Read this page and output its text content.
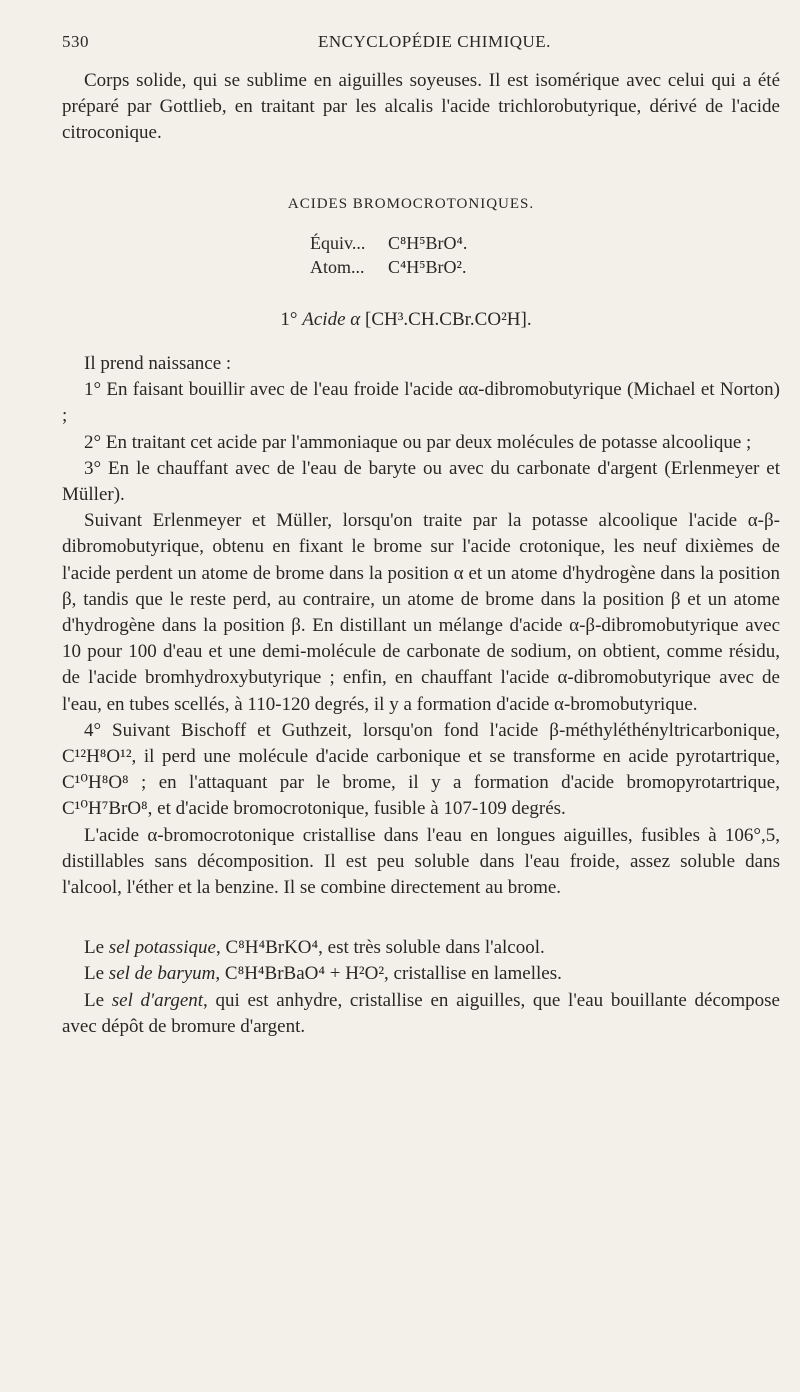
530	ENCYCLOPÉDIE CHIMIQUE.

Corps solide, qui se sublime en aiguilles soyeuses. Il est isomérique avec celui qui a été préparé par Gottlieb, en traitant par les alcalis l'acide trichlorobutyrique, dérivé de l'acide citroconique.

ACIDES BROMOCROTONIQUES.
Équiv...	C⁸H⁵BrO⁴.
Atom...	C⁴H⁵BrO².
1° Acide α [CH³.CH.CBr.CO²H].

Il prend naissance :

1° En faisant bouillir avec de l'eau froide l'acide αα-dibromobutyrique (Michael et Norton) ;

2° En traitant cet acide par l'ammoniaque ou par deux molécules de potasse alcoolique ;

3° En le chauffant avec de l'eau de baryte ou avec du carbonate d'argent (Erlenmeyer et Müller).

Suivant Erlenmeyer et Müller, lorsqu'on traite par la potasse alcoolique l'acide α-β-dibromobutyrique, obtenu en fixant le brome sur l'acide crotonique, les neuf dixièmes de l'acide perdent un atome de brome dans la position α et un atome d'hydrogène dans la position β, tandis que le reste perd, au contraire, un atome de brome dans la position β et un atome d'hydrogène dans la position β. En distillant un mélange d'acide α-β-dibromobutyrique avec 10 pour 100 d'eau et une demi-molécule de carbonate de sodium, on obtient, comme résidu, de l'acide bromhydroxybutyrique ; enfin, en chauffant l'acide α-dibromobutyrique avec de l'eau, en tubes scellés, à 110-120 degrés, il y a formation d'acide α-bromobutyrique.

4° Suivant Bischoff et Guthzeit, lorsqu'on fond l'acide β-méthyléthényltricarbonique, C¹²H⁸O¹², il perd une molécule d'acide carbonique et se transforme en acide pyrotartrique, C¹⁰H⁸O⁸ ; en l'attaquant par le brome, il y a formation d'acide bromopyrotartrique, C¹⁰H⁷BrO⁸, et d'acide bromocrotonique, fusible à 107-109 degrés.

L'acide α-bromocrotonique cristallise dans l'eau en longues aiguilles, fusibles à 106°,5, distillables sans décomposition. Il est peu soluble dans l'eau froide, assez soluble dans l'alcool, l'éther et la benzine. Il se combine directement au brome.

Le sel potassique, C⁸H⁴BrKO⁴, est très soluble dans l'alcool.

Le sel de baryum, C⁸H⁴BrBaO⁴ + H²O², cristallise en lamelles.

Le sel d'argent, qui est anhydre, cristallise en aiguilles, que l'eau bouillante décompose avec dépôt de bromure d'argent.
